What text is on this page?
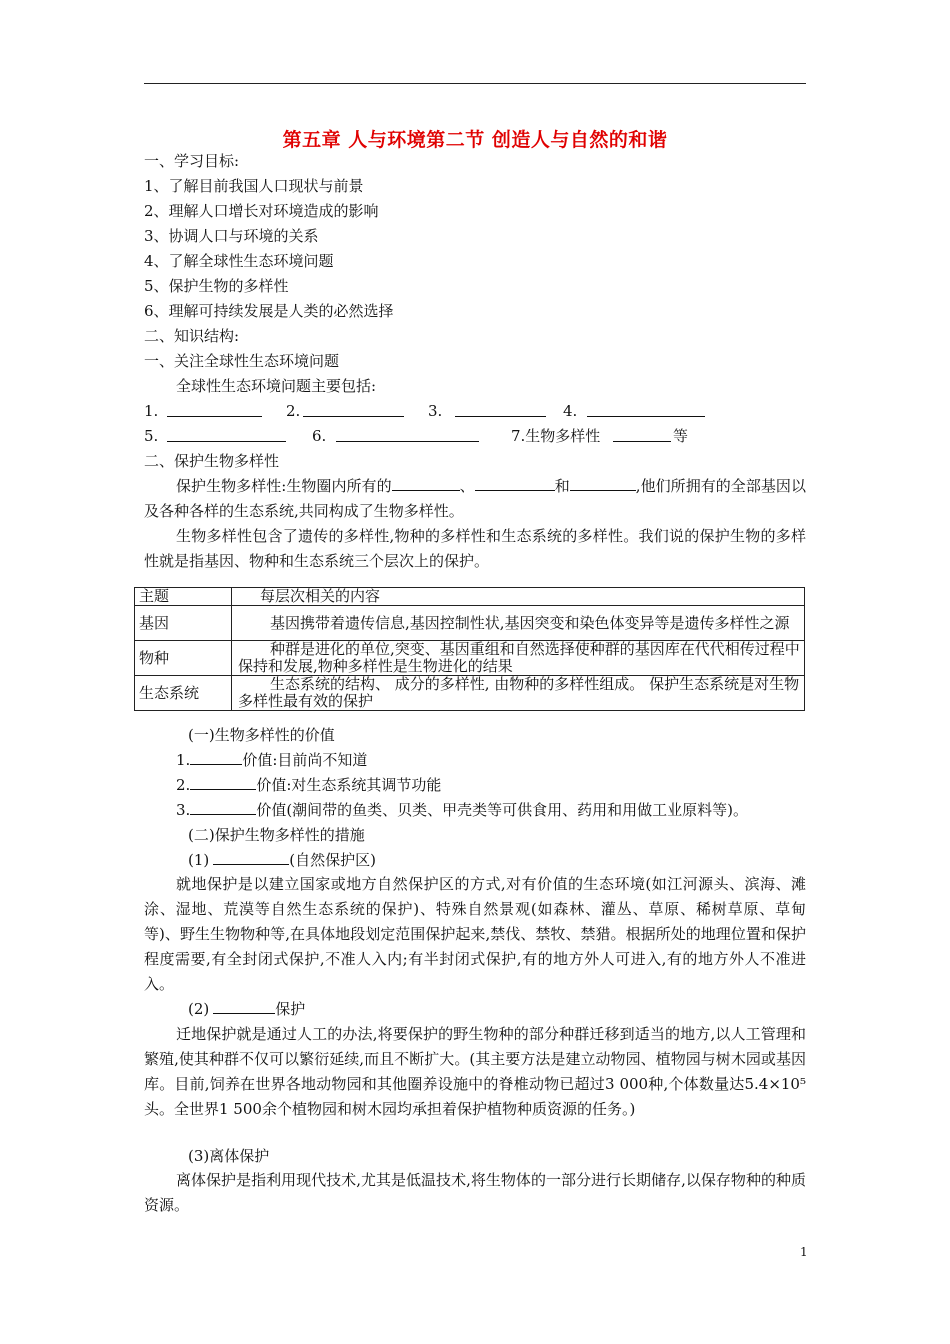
第五章 人与环境第二节 创造人与自然的和谐
一、学习目标:
1、了解目前我国人口现状与前景
2、理解人口增长对环境造成的影响
3、协调人口与环境的关系
4、了解全球性生态环境问题
5、保护生物的多样性
6、理解可持续发展是人类的必然选择
二、知识结构:
一、关注全球性生态环境问题
全球性生态环境问题主要包括:
1.	2.	3.	4.
5.	6.	7.生物多样性	等
二、保护生物多样性
保护生物多样性:生物圈内所有的	、	和	,他们所拥有的全部基因以及各种各样的生态系统,共同构成了生物多样性。
生物多样性包含了遗传的多样性,物种的多样性和生态系统的多样性。我们说的保护生物的多样性就是指基因、物种和生态系统三个层次上的保护。
主题	每层次相关的内容
基因	基因携带着遗传信息,基因控制性状,基因突变和染色体变异等是遗传多样性之源
物种	种群是进化的单位,突变、基因重组和自然选择使种群的基因库在代代相传过程中保持和发展,物种多样性是生物进化的结果
生态系统	生态系统的结构、 成分的多样性, 由物种的多样性组成。 保护生态系统是对生物多样性最有效的保护
(一)生物多样性的价值
1.	价值:目前尚不知道
2.	价值:对生态系统其调节功能
3.	价值(潮间带的鱼类、贝类、甲壳类等可供食用、药用和用做工业原料等)。
(二)保护生物多样性的措施
(1)	(自然保护区)
就地保护是以建立国家或地方自然保护区的方式,对有价值的生态环境(如江河源头、滨海、滩涂、湿地、荒漠等自然生态系统的保护)、特殊自然景观(如森林、灌丛、草原、稀树草原、草甸等)、野生生物物种等,在具体地段划定范围保护起来,禁伐、禁牧、禁猎。根据所处的地理位置和保护程度需要,有全封闭式保护,不准人入内;有半封闭式保护,有的地方外人可进入,有的地方外人不准进入。
(2)	保护
迁地保护就是通过人工的办法,将要保护的野生物种的部分种群迁移到适当的地方,以人工管理和繁殖,使其种群不仅可以繁衍延续,而且不断扩大。(其主要方法是建立动物园、植物园与树木园或基因库。目前,饲养在世界各地动物园和其他圈养设施中的脊椎动物已超过3 000种,个体数量达5.4×10⁵头。全世界1 500余个植物园和树木园均承担着保护植物种质资源的任务。)
(3)离体保护
离体保护是指利用现代技术,尤其是低温技术,将生物体的一部分进行长期储存,以保存物种的种质资源。
1
